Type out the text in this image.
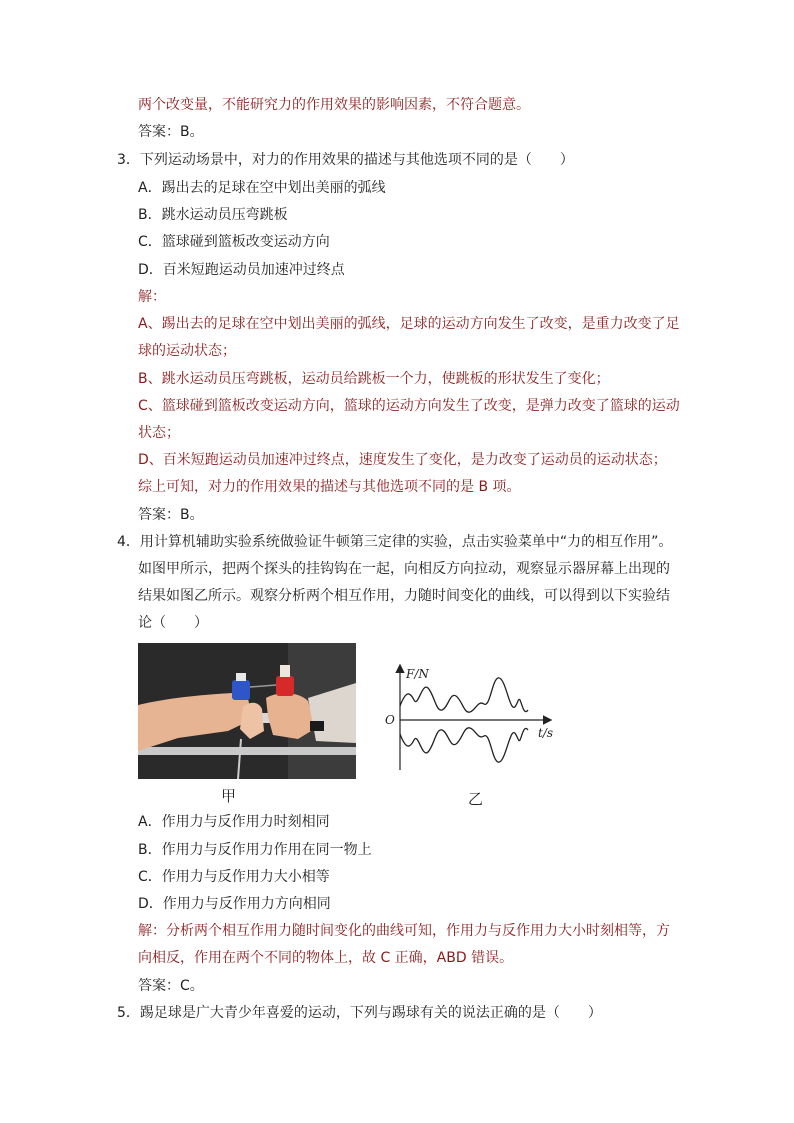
两个改变量，不能研究力的作用效果的影响因素，不符合题意。
答案：B。
3．下列运动场景中，对力的作用效果的描述与其他选项不同的是（　　）
A．踢出去的足球在空中划出美丽的弧线
B．跳水运动员压弯跳板
C．篮球碰到篮板改变运动方向
D．百米短跑运动员加速冲过终点
解：
A、踢出去的足球在空中划出美丽的弧线，足球的运动方向发生了改变，是重力改变了足
球的运动状态；
B、跳水运动员压弯跳板，运动员给跳板一个力，使跳板的形状发生了变化；
C、篮球碰到篮板改变运动方向，篮球的运动方向发生了改变，是弹力改变了篮球的运动
状态；
D、百米短跑运动员加速冲过终点，速度发生了变化，是力改变了运动员的运动状态；
综上可知，对力的作用效果的描述与其他选项不同的是 B 项。
答案：B。
4．用计算机辅助实验系统做验证牛顿第三定律的实验，点击实验菜单中“力的相互作用”。
如图甲所示，把两个探头的挂钩钩在一起，向相反方向拉动，观察显示器屏幕上出现的
结果如图乙所示。观察分析两个相互作用，力随时间变化的曲线，可以得到以下实验结
论（　　）
F/N
O
t/s
甲	乙
A．作用力与反作用力时刻相同
B．作用力与反作用力作用在同一物上
C．作用力与反作用力大小相等
D．作用力与反作用力方向相同
解：分析两个相互作用力随时间变化的曲线可知，作用力与反作用力大小时刻相等，方
向相反，作用在两个不同的物体上，故 C 正确，ABD 错误。
答案：C。
5．踢足球是广大青少年喜爱的运动，下列与踢球有关的说法正确的是（　　）
